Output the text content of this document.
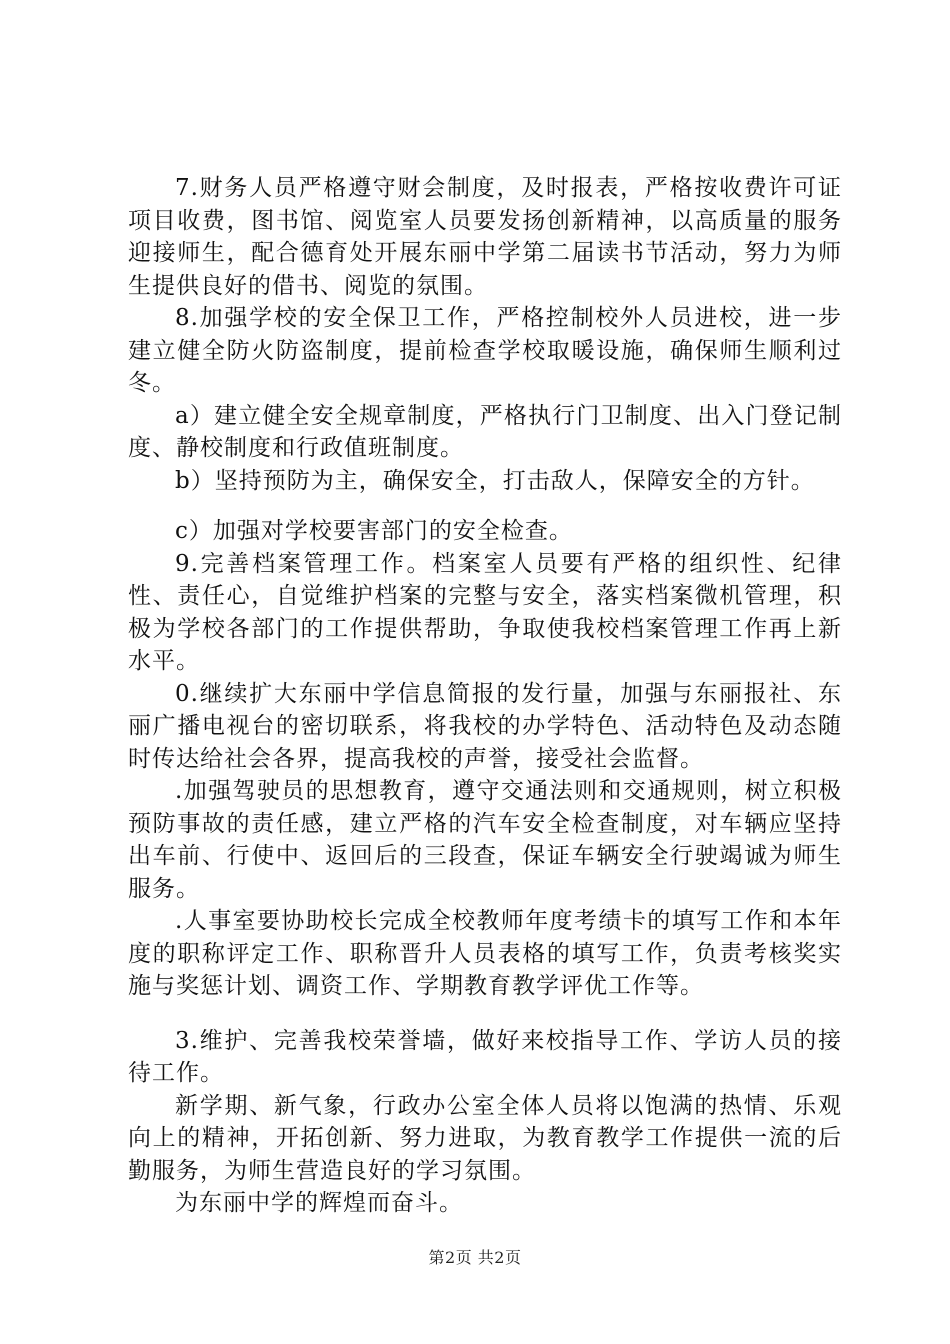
7.财务人员严格遵守财会制度，及时报表，严格按收费许可证项目收费，图书馆、阅览室人员要发扬创新精神，以高质量的服务迎接师生，配合德育处开展东丽中学第二届读书节活动，努力为师生提供良好的借书、阅览的氛围。

8.加强学校的安全保卫工作，严格控制校外人员进校，进一步建立健全防火防盗制度，提前检查学校取暖设施，确保师生顺利过冬。

a）建立健全安全规章制度，严格执行门卫制度、出入门登记制度、静校制度和行政值班制度。

b）坚持预防为主，确保安全，打击敌人，保障安全的方针。

c）加强对学校要害部门的安全检查。

9.完善档案管理工作。档案室人员要有严格的组织性、纪律性、责任心，自觉维护档案的完整与安全，落实档案微机管理，积极为学校各部门的工作提供帮助，争取使我校档案管理工作再上新水平。

0.继续扩大东丽中学信息简报的发行量，加强与东丽报社、东丽广播电视台的密切联系，将我校的办学特色、活动特色及动态随时传达给社会各界，提高我校的声誉，接受社会监督。

.加强驾驶员的思想教育，遵守交通法则和交通规则，树立积极预防事故的责任感，建立严格的汽车安全检查制度，对车辆应坚持出车前、行使中、返回后的三段查，保证车辆安全行驶竭诚为师生服务。

.人事室要协助校长完成全校教师年度考绩卡的填写工作和本年度的职称评定工作、职称晋升人员表格的填写工作，负责考核奖实施与奖惩计划、调资工作、学期教育教学评优工作等。

3.维护、完善我校荣誉墙，做好来校指导工作、学访人员的接待工作。

新学期、新气象，行政办公室全体人员将以饱满的热情、乐观向上的精神，开拓创新、努力进取，为教育教学工作提供一流的后勤服务，为师生营造良好的学习氛围。

为东丽中学的辉煌而奋斗。

第2页 共2页
